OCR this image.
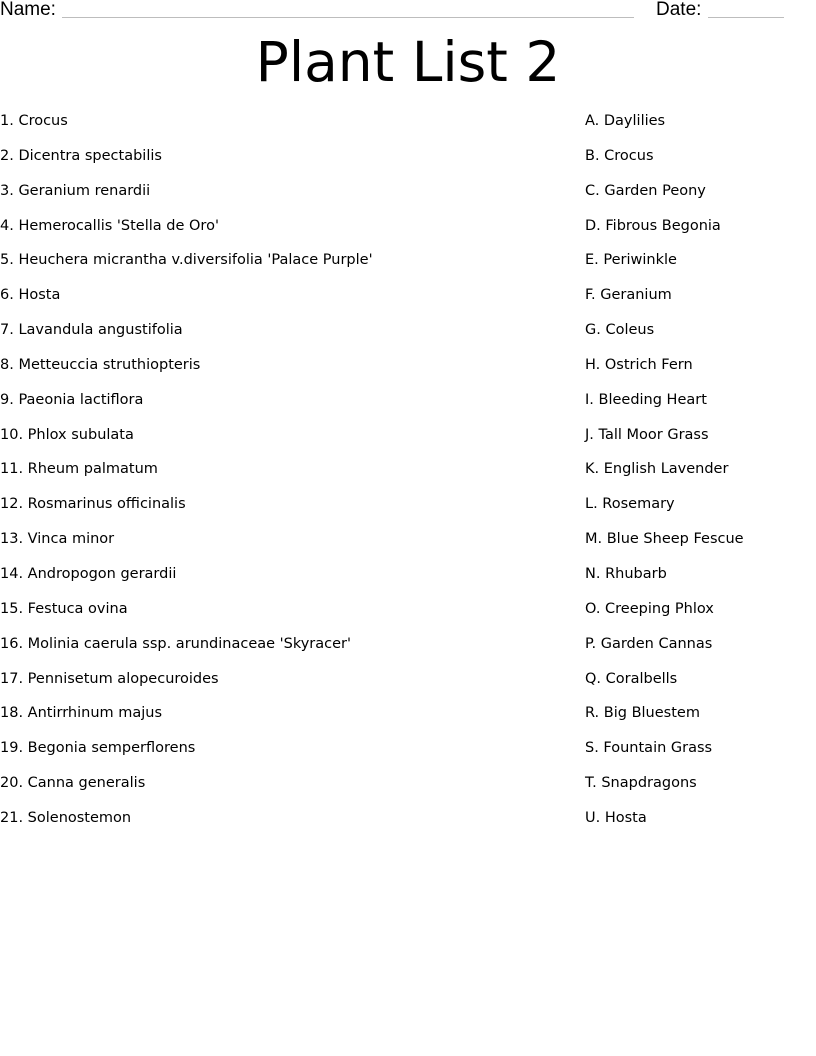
Name:	Date:
Plant List 2
1. Crocus
2. Dicentra spectabilis
3. Geranium renardii
4. Hemerocallis 'Stella de Oro'
5. Heuchera micrantha v.diversifolia 'Palace Purple'
6. Hosta
7. Lavandula angustifolia
8. Metteuccia struthiopteris
9. Paeonia lactiflora
10. Phlox subulata
11. Rheum palmatum
12. Rosmarinus officinalis
13. Vinca minor
14. Andropogon gerardii
15. Festuca ovina
16. Molinia caerula ssp. arundinaceae 'Skyracer'
17. Pennisetum alopecuroides
18. Antirrhinum majus
19. Begonia semperflorens
20. Canna generalis
21. Solenostemon
A. Daylilies
B. Crocus
C. Garden Peony
D. Fibrous Begonia
E. Periwinkle
F. Geranium
G. Coleus
H. Ostrich Fern
I. Bleeding Heart
J. Tall Moor Grass
K. English Lavender
L. Rosemary
M. Blue Sheep Fescue
N. Rhubarb
O. Creeping Phlox
P. Garden Cannas
Q. Coralbells
R. Big Bluestem
S. Fountain Grass
T. Snapdragons
U. Hosta
